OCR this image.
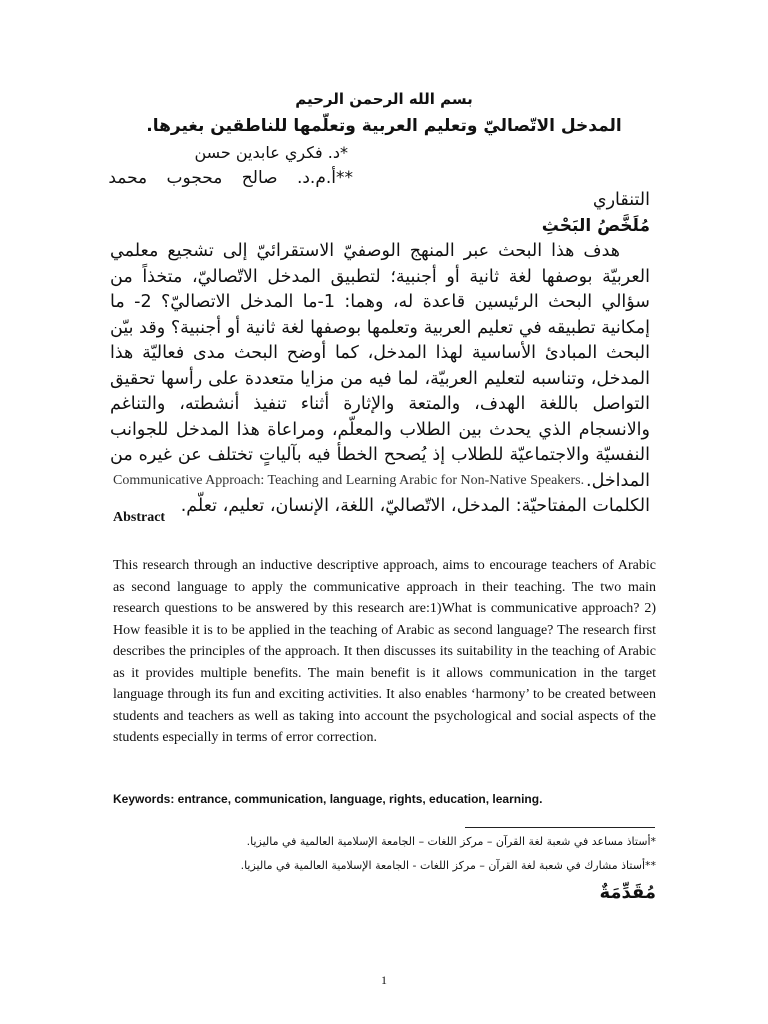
بسم الله الرحمن الرحيم
المدخل الاتّصاليّ وتعليم العربية وتعلّمها للناطقين بغيرها.
*د. فكري عابدين حسن
**أ.م.د. صالح محجوب محمد

التنقاري

مُلَخَّصُ البَحْثِ

هدف هذا البحث عبر المنهج الوصفيّ الاستقرائيّ إلى تشجيع معلمي العربيّة بوصفها لغة ثانية أو أجنبية؛ لتطبيق المدخل الاتّصاليّ، متخذاً من سؤالي البحث الرئيسين قاعدة له، وهما: 1-ما المدخل الاتصاليّ؟ 2- ما إمكانية تطبيقه في تعليم العربية وتعلمها بوصفها لغة ثانية أو أجنبية؟ وقد بيّن البحث المبادئ الأساسية لهذا المدخل، كما أوضح البحث مدى فعاليّة هذا المدخل، وتناسبه لتعليم العربيّة، لما فيه من مزايا متعددة على رأسها تحقيق التواصل باللغة الهدف، والمتعة والإثارة أثناء تنفيذ أنشطته، والتناغم والانسجام الذي يحدث بين الطلاب والمعلّم، ومراعاة هذا المدخل للجوانب النفسيّة والاجتماعيّة للطلاب إذ يُصحح الخطأ فيه بآلياتٍ تختلف عن غيره من المداخل.

الكلمات المفتاحيّة: المدخل، الاتّصاليّ، اللغة، الإنسان، تعليم، تعلّم.

Communicative Approach: Teaching and Learning Arabic for Non-Native Speakers.
Abstract

This research through an inductive descriptive approach, aims to encourage teachers of Arabic as second language to apply the communicative approach in their teaching. The two main research questions to be answered by this research are:1)What is communicative approach? 2) How feasible it is to be applied in the teaching of Arabic as second language? The research first describes the principles of the approach. It then discusses its suitability in the teaching of Arabic as it provides multiple benefits. The main benefit is it allows communication in the target language through its fun and exciting activities. It also enables ‘harmony’ to be created between students and teachers as well as taking into account the psychological and social aspects of the students especially in terms of error correction.

Keywords: entrance, communication, language, rights, education, learning.
*أستاذ مساعد في شعبة لغة القرآن – مركز اللغات – الجامعة الإسلامية العالمية في ماليزيا.
**أستاذ مشارك في شعبة لغة القرآن – مركز اللغات - الجامعة الإسلامية العالمية في ماليزيا.
مُقَدِّمَةٌ
1
